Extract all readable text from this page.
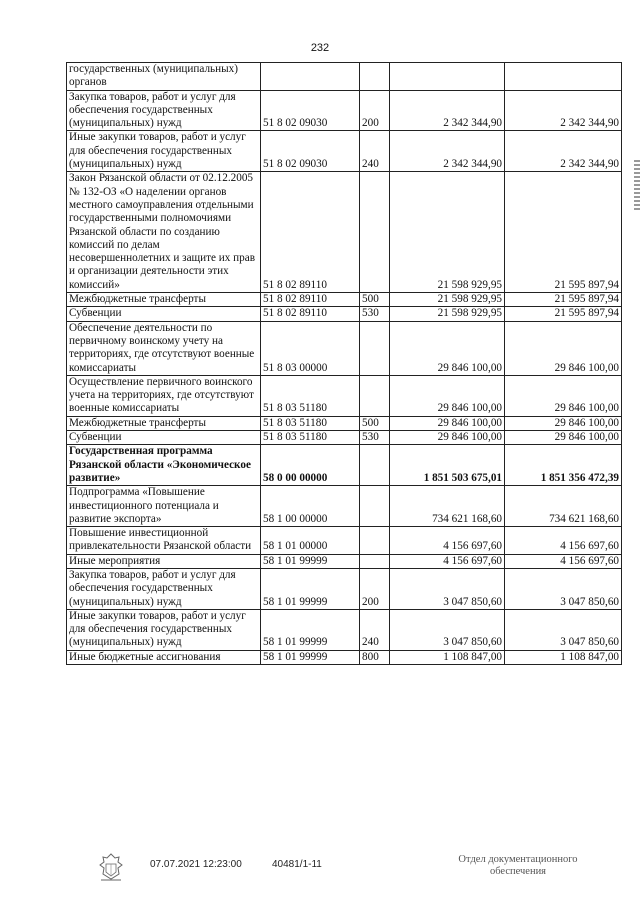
232
государственных (муниципальных) органов				
Закупка товаров, работ и услуг для обеспечения государственных (муниципальных) нужд	51 8 02 09030	200	2 342 344,90	2 342 344,90
Иные закупки товаров, работ и услуг для обеспечения государственных (муниципальных) нужд	51 8 02 09030	240	2 342 344,90	2 342 344,90
Закон Рязанской области от 02.12.2005 № 132-ОЗ «О наделении органов местного самоуправления отдельными государственными полномочиями Рязанской области по созданию комиссий по делам несовершеннолетних и защите их прав и организации деятельности этих комиссий»	51 8 02 89110		21 598 929,95	21 595 897,94
Межбюджетные трансферты	51 8 02 89110	500	21 598 929,95	21 595 897,94
Субвенции	51 8 02 89110	530	21 598 929,95	21 595 897,94
Обеспечение деятельности по первичному воинскому учету на территориях, где отсутствуют военные комиссариаты	51 8 03 00000		29 846 100,00	29 846 100,00
Осуществление первичного воинского учета на территориях, где отсутствуют военные комиссариаты	51 8 03 51180		29 846 100,00	29 846 100,00
Межбюджетные трансферты	51 8 03 51180	500	29 846 100,00	29 846 100,00
Субвенции	51 8 03 51180	530	29 846 100,00	29 846 100,00
Государственная программа Рязанской области «Экономическое развитие»	58 0 00 00000		1 851 503 675,01	1 851 356 472,39
Подпрограмма «Повышение инвестиционного потенциала и развитие экспорта»	58 1 00 00000		734 621 168,60	734 621 168,60
Повышение инвестиционной привлекательности Рязанской области	58 1 01 00000		4 156 697,60	4 156 697,60
Иные мероприятия	58 1 01 99999		4 156 697,60	4 156 697,60
Закупка товаров, работ и услуг для обеспечения государственных (муниципальных) нужд	58 1 01 99999	200	3 047 850,60	3 047 850,60
Иные закупки товаров, работ и услуг для обеспечения государственных (муниципальных) нужд	58 1 01 99999	240	3 047 850,60	3 047 850,60
Иные бюджетные ассигнования	58 1 01 99999	800	1 108 847,00	1 108 847,00
07.07.2021 12:23:00	40481/1-11	Отдел документационного
обеспечения
